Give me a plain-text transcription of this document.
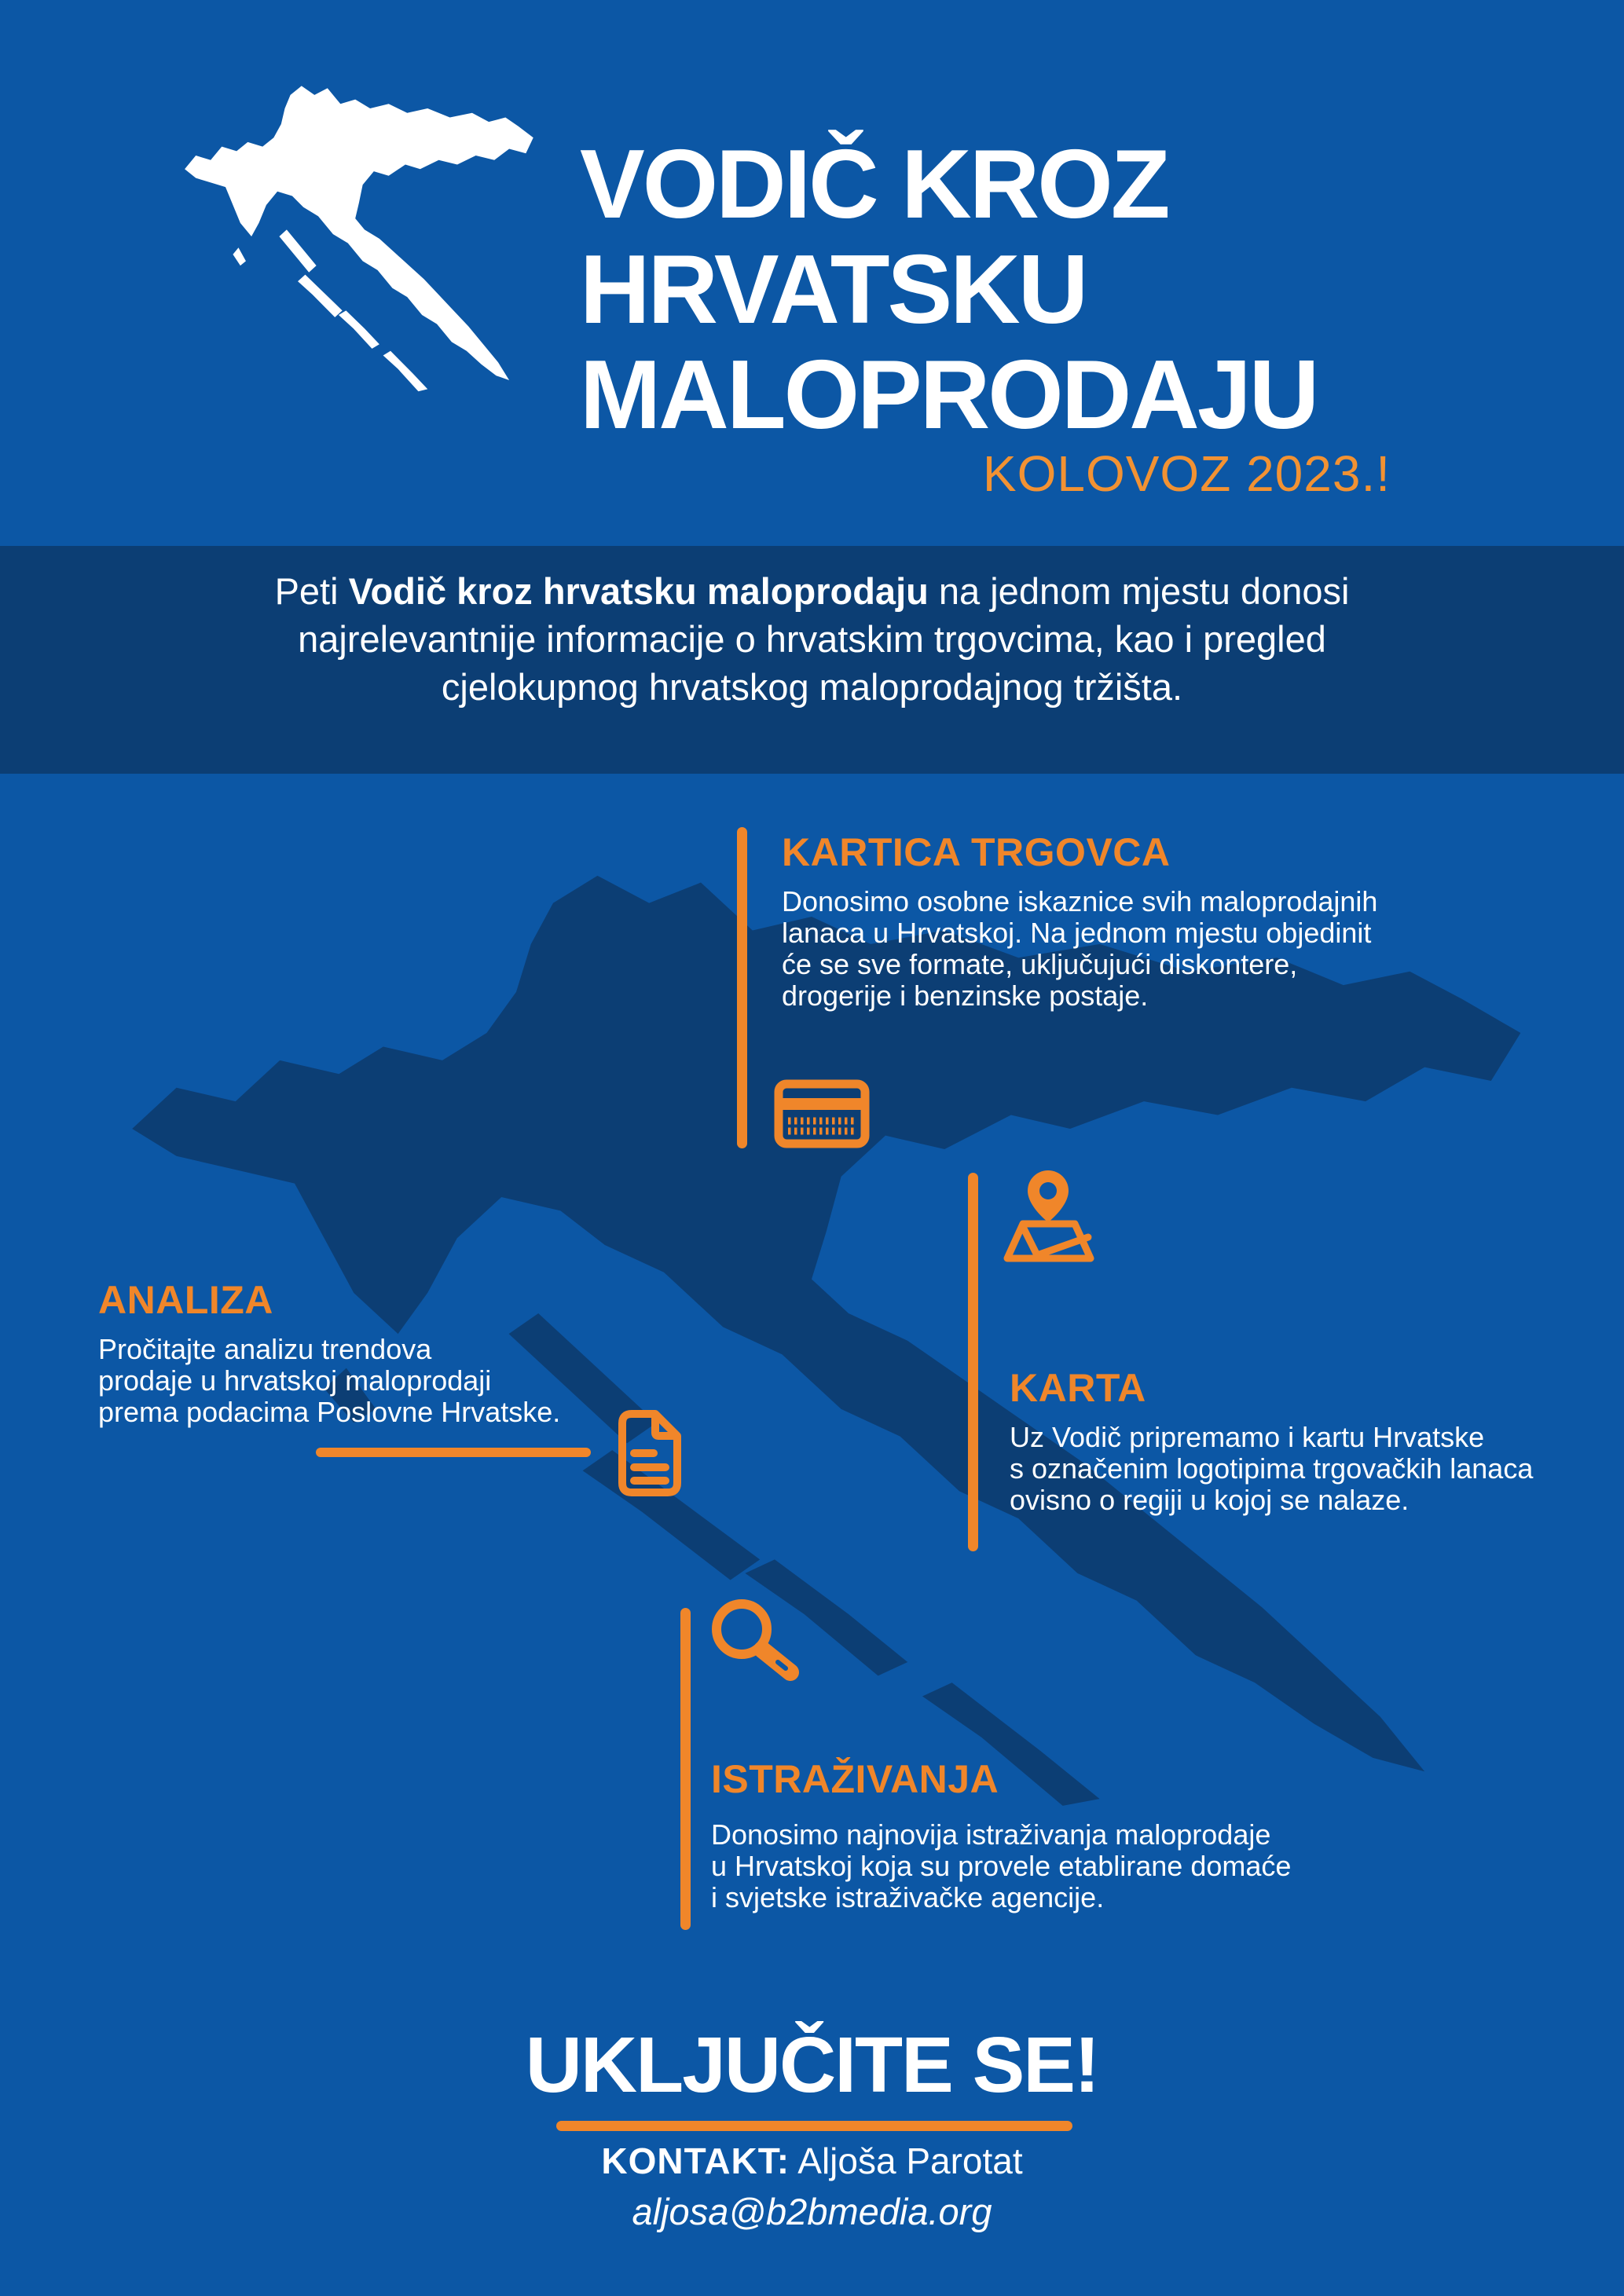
VODIČ KROZ
HRVATSKU
MALOPRODAJU
KOLOVOZ 2023.!
Peti Vodič kroz hrvatsku maloprodaju na jednom mjestu donosi
najrelevantnije informacije o hrvatskim trgovcima, kao i pregled
cjelokupnog hrvatskog maloprodajnog tržišta.
KARTICA TRGOVCA
Donosimo osobne iskaznice svih maloprodajnih
lanaca u Hrvatskoj. Na jednom mjestu objedinit
će se sve formate, uključujući diskontere,
drogerije i benzinske postaje.
KARTA
Uz Vodič pripremamo i kartu Hrvatske
s označenim logotipima trgovačkih lanaca
ovisno o regiji u kojoj se nalaze.
ANALIZA
Pročitajte analizu trendova
prodaje u hrvatskoj maloprodaji
prema podacima Poslovne Hrvatske.
ISTRAŽIVANJA
Donosimo najnovija istraživanja maloprodaje
u Hrvatskoj koja su provele etablirane domaće
i svjetske istraživačke agencije.
UKLJUČITE SE!
KONTAKT: Aljoša Parotat
aljosa@b2bmedia.org
